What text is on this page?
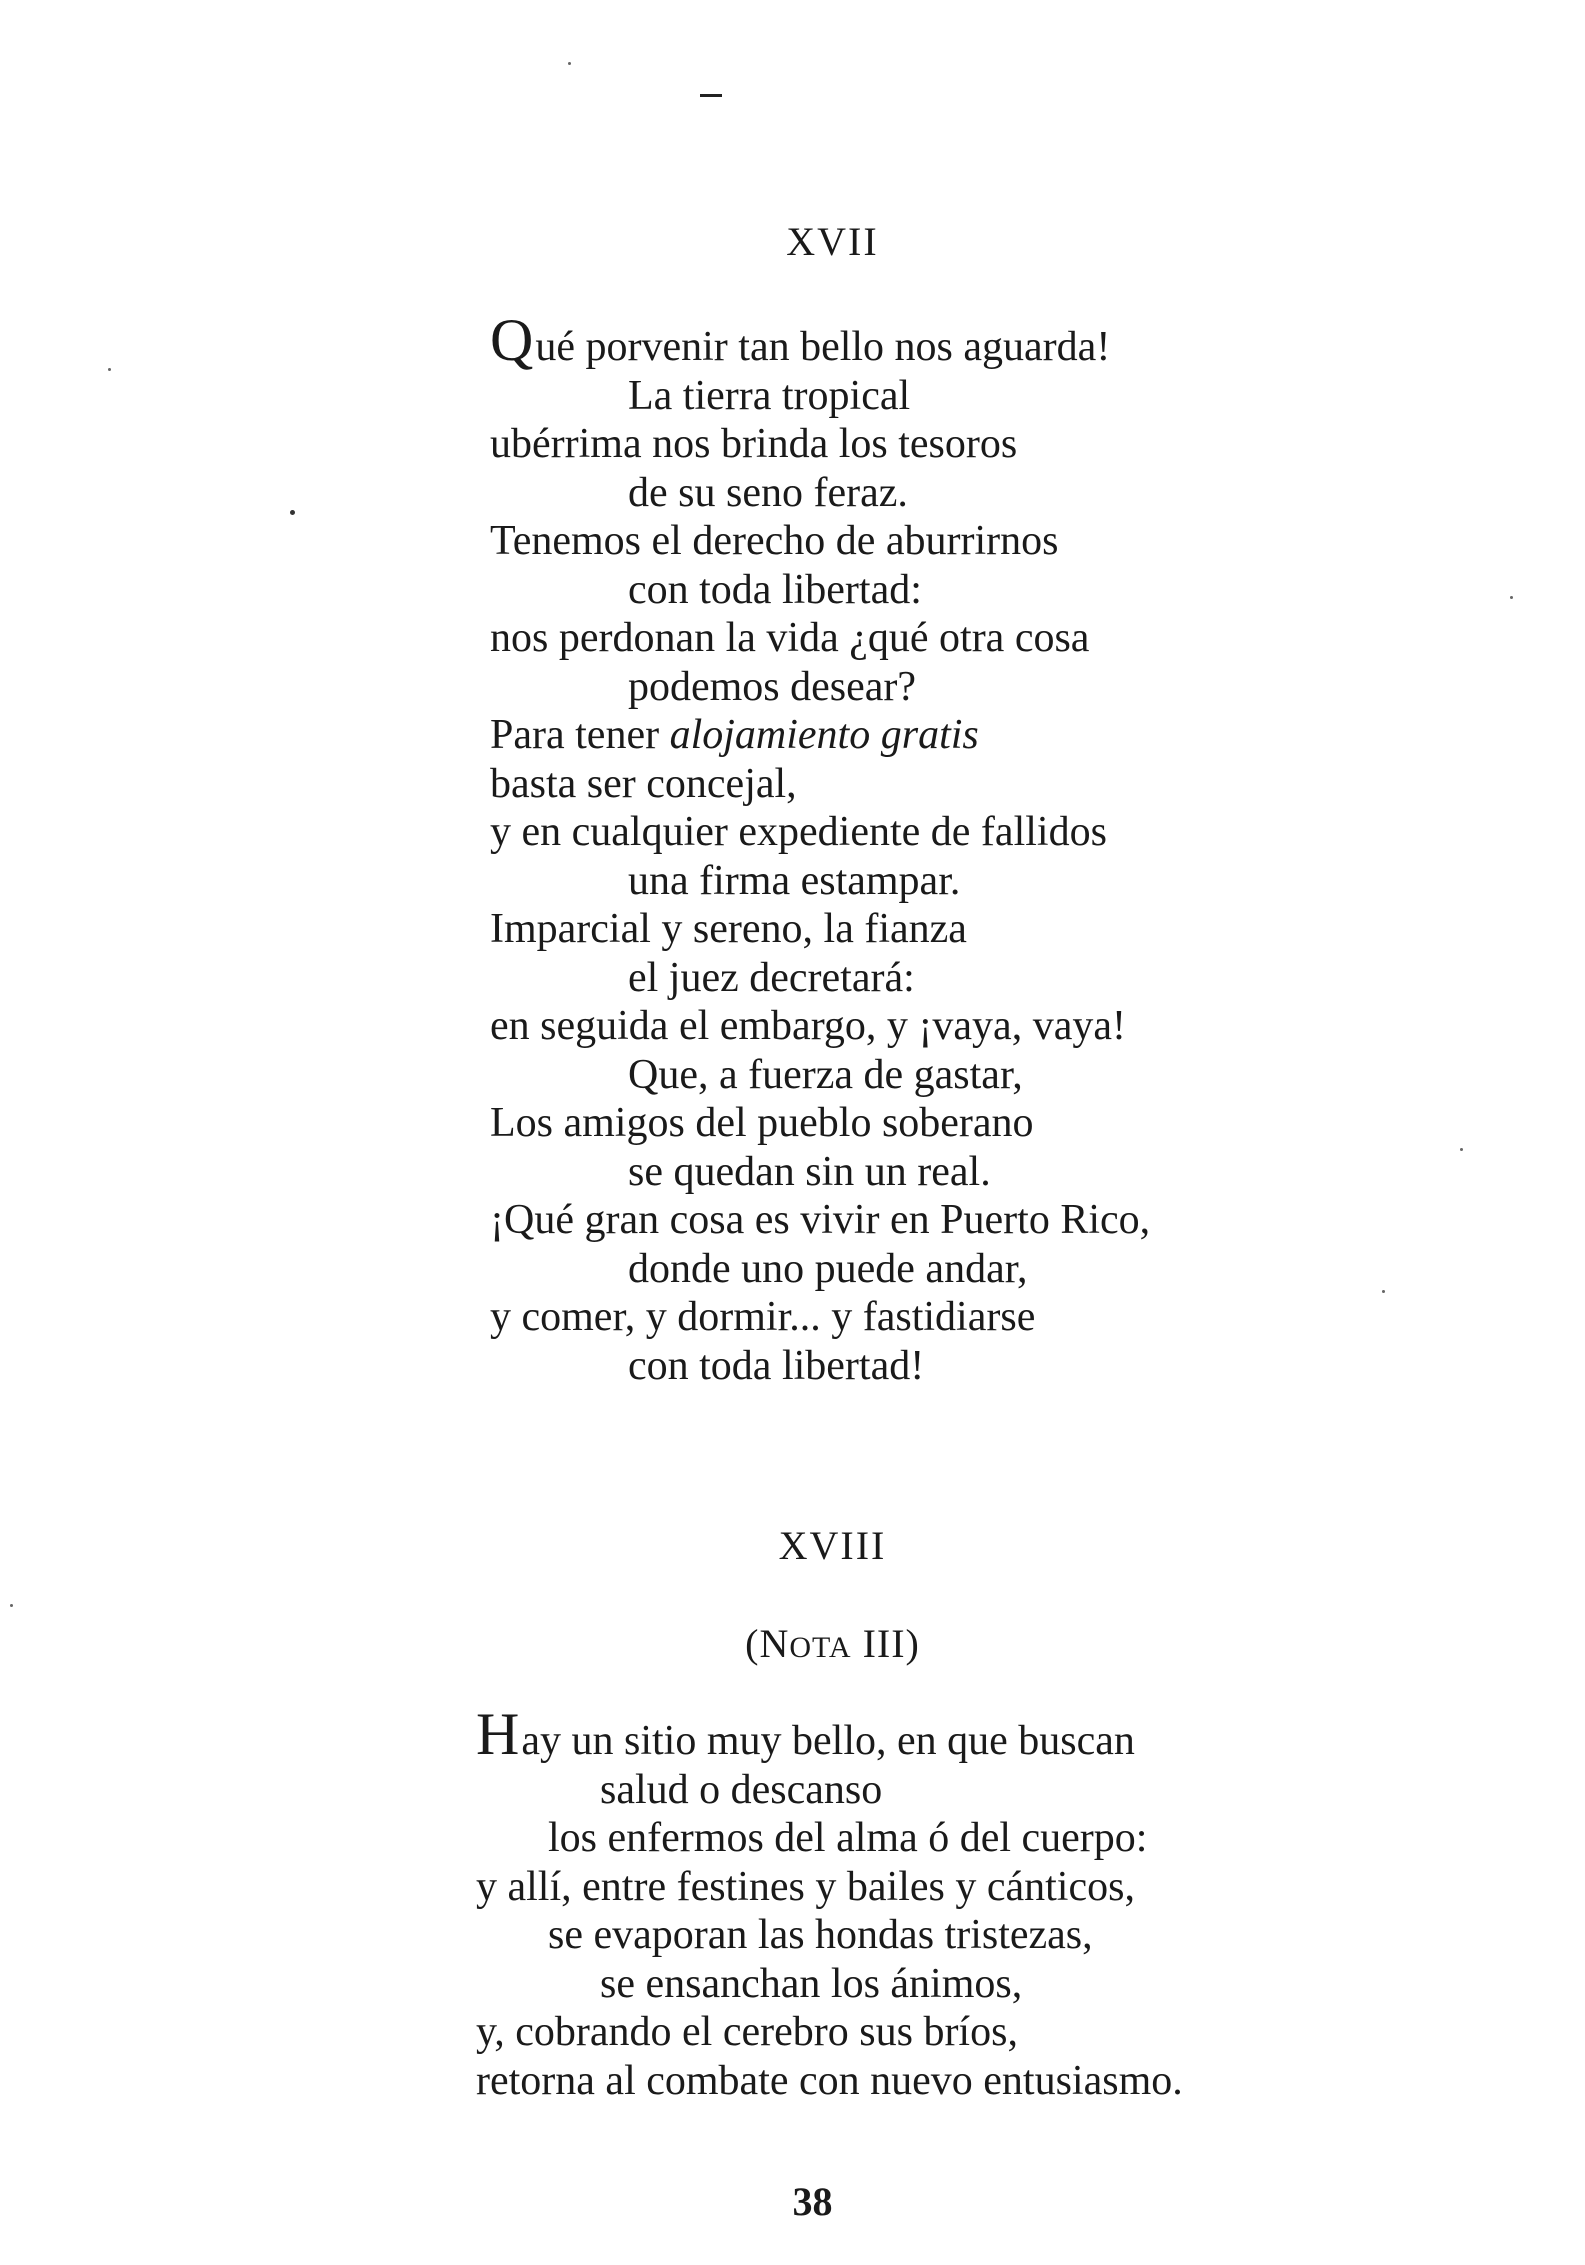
XVII
Qué porvenir tan bello nos aguarda!
La tierra tropical
ubérrima nos brinda los tesoros
de su seno feraz.
Tenemos el derecho de aburrirnos
con toda libertad:
nos perdonan la vida ¿qué otra cosa
podemos desear?
Para tener alojamiento gratis
basta ser concejal,
y en cualquier expediente de fallidos
una firma estampar.
Imparcial y sereno, la fianza
el juez decretará:
en seguida el embargo, y ¡vaya, vaya!
Que, a fuerza de gastar,
Los amigos del pueblo soberano
se quedan sin un real.
¡Qué gran cosa es vivir en Puerto Rico,
donde uno puede andar,
y comer, y dormir... y fastidiarse
con toda libertad!
XVIII
(NOTA III)
Hay un sitio muy bello, en que buscan
salud o descanso
los enfermos del alma ó del cuerpo:
y allí, entre festines y bailes y cánticos,
se evaporan las hondas tristezas,
se ensanchan los ánimos,
y, cobrando el cerebro sus bríos,
retorna al combate con nuevo entusiasmo.
38
